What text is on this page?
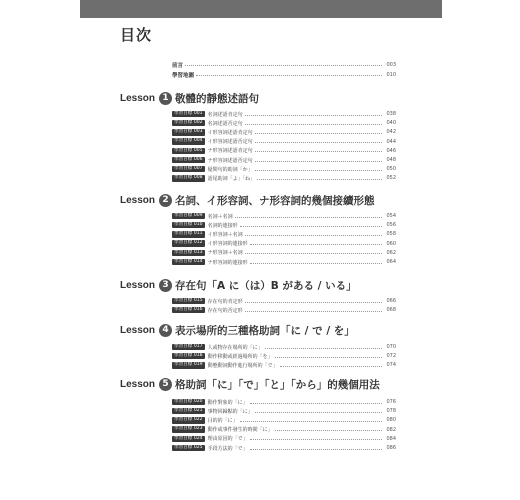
目次
前言	003
學習地圖	010
Lesson 1 敬體的靜態述語句
學習目標 001	名詞述語肯定句	038
學習目標 002	名詞述語否定句	040
學習目標 003	イ形容詞述語肯定句	042
學習目標 004	イ形容詞述語否定句	044
學習目標 005	ナ形容詞述語肯定句	046
學習目標 006	ナ形容詞述語否定句	048
學習目標 007	疑問句的助詞「か」	050
學習目標 008	語尾助詞「よ」「ね」	052
Lesson 2 名詞、イ形容詞、ナ形容詞的幾個接續形態
學習目標 009	名詞＋名詞	054
學習目標 010	名詞的連接形	056
學習目標 011	イ形容詞＋名詞	058
學習目標 012	イ形容詞的連接形	060
學習目標 013	ナ形容詞＋名詞	062
學習目標 014	ナ形容詞的連接形	064
Lesson 3 存在句「A に（は）B がある / いる」
學習目標 015	存在句的肯定形	066
學習目標 016	存在句的否定形	068
Lesson 4 表示場所的三種格助詞「に / で / を」
學習目標 017	人或物存在場所的「に」	070
學習目標 018	動作移動或經過場所的「を」	072
學習目標 019	動態動詞動作進行場所的「で」	074
Lesson 5 格助詞「に」「で」「と」「から」的幾個用法
學習目標 020	動作對象的「に」	076
學習目標 021	事物回歸點的「に」	078
學習目標 022	目的的「に」	080
學習目標 023	動作或事件發生的時間「に」	082
學習目標 024	理由原因的「で」	084
學習目標 025	手段方法的「で」	086
